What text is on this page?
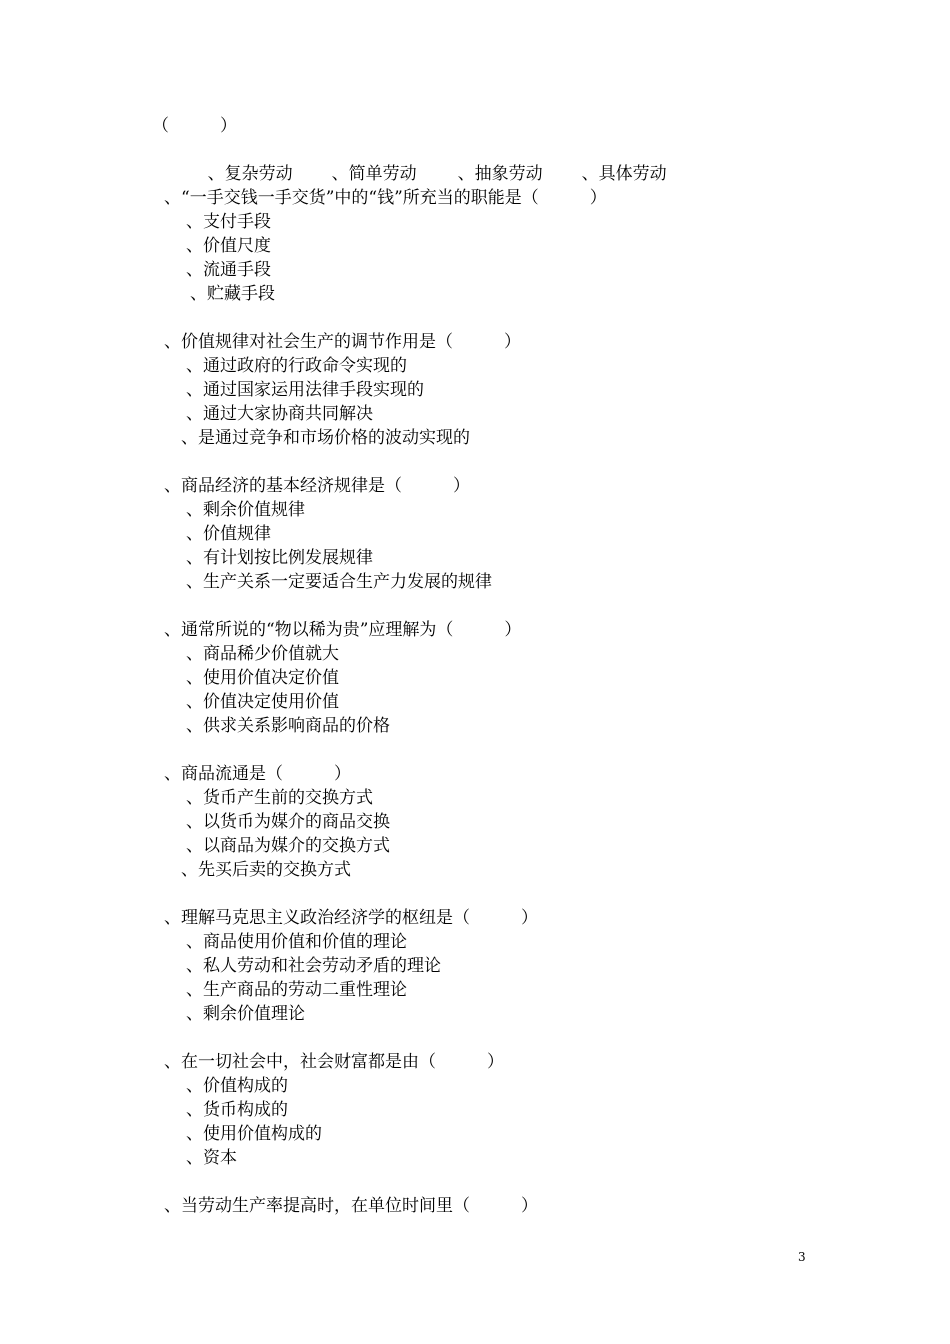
（　　　）

、复杂劳动 、简单劳动 、抽象劳动 、具体劳动

、“一手交钱一手交货”中的“钱”所充当的职能是（　　　）
、支付手段
、价值尺度
、流通手段
、贮藏手段
、价值规律对社会生产的调节作用是（　　　）
、通过政府的行政命令实现的
、通过国家运用法律手段实现的
、通过大家协商共同解决
、是通过竞争和市场价格的波动实现的
、商品经济的基本经济规律是（　　　）
、剩余价值规律
、价值规律
、有计划按比例发展规律
、生产关系一定要适合生产力发展的规律
、通常所说的“物以稀为贵”应理解为（　　　）
、商品稀少价值就大
、使用价值决定价值
、价值决定使用价值
、供求关系影响商品的价格
、商品流通是（　　　）
、货币产生前的交换方式
、以货币为媒介的商品交换
、以商品为媒介的交换方式
、先买后卖的交换方式
、理解马克思主义政治经济学的枢纽是（　　　）
、商品使用价值和价值的理论
、私人劳动和社会劳动矛盾的理论
、生产商品的劳动二重性理论
、剩余价值理论
、在一切社会中，社会财富都是由（　　　）
、价值构成的
、货币构成的
、使用价值构成的
、资本
、当劳动生产率提高时，在单位时间里（　　　）
3
